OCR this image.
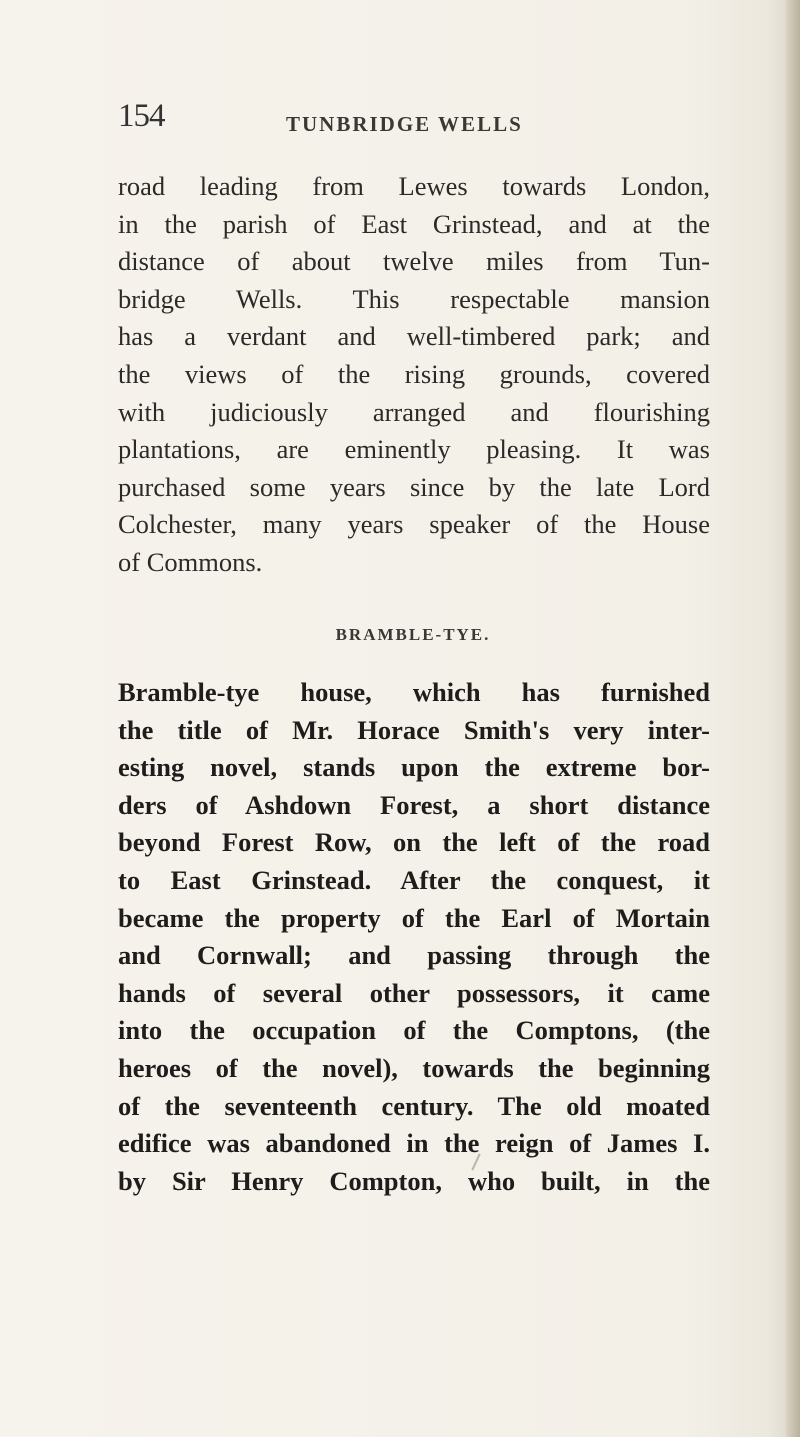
154	TUNBRIDGE WELLS
road leading from Lewes towards London,
in the parish of East Grinstead, and at the
distance of about twelve miles from Tun-
bridge Wells. This respectable mansion
has a verdant and well-timbered park; and
the views of the rising grounds, covered
with judiciously arranged and flourishing
plantations, are eminently pleasing. It was
purchased some years since by the late Lord
Colchester, many years speaker of the House
of Commons.
BRAMBLE-TYE.
Bramble-tye house, which has furnished
the title of Mr. Horace Smith's very inter-
esting novel, stands upon the extreme bor-
ders of Ashdown Forest, a short distance
beyond Forest Row, on the left of the road
to East Grinstead. After the conquest, it
became the property of the Earl of Mortain
and Cornwall; and passing through the
hands of several other possessors, it came
into the occupation of the Comptons, (the
heroes of the novel), towards the beginning
of the seventeenth century. The old moated
edifice was abandoned in the reign of James I.
by Sir Henry Compton, who built, in the
